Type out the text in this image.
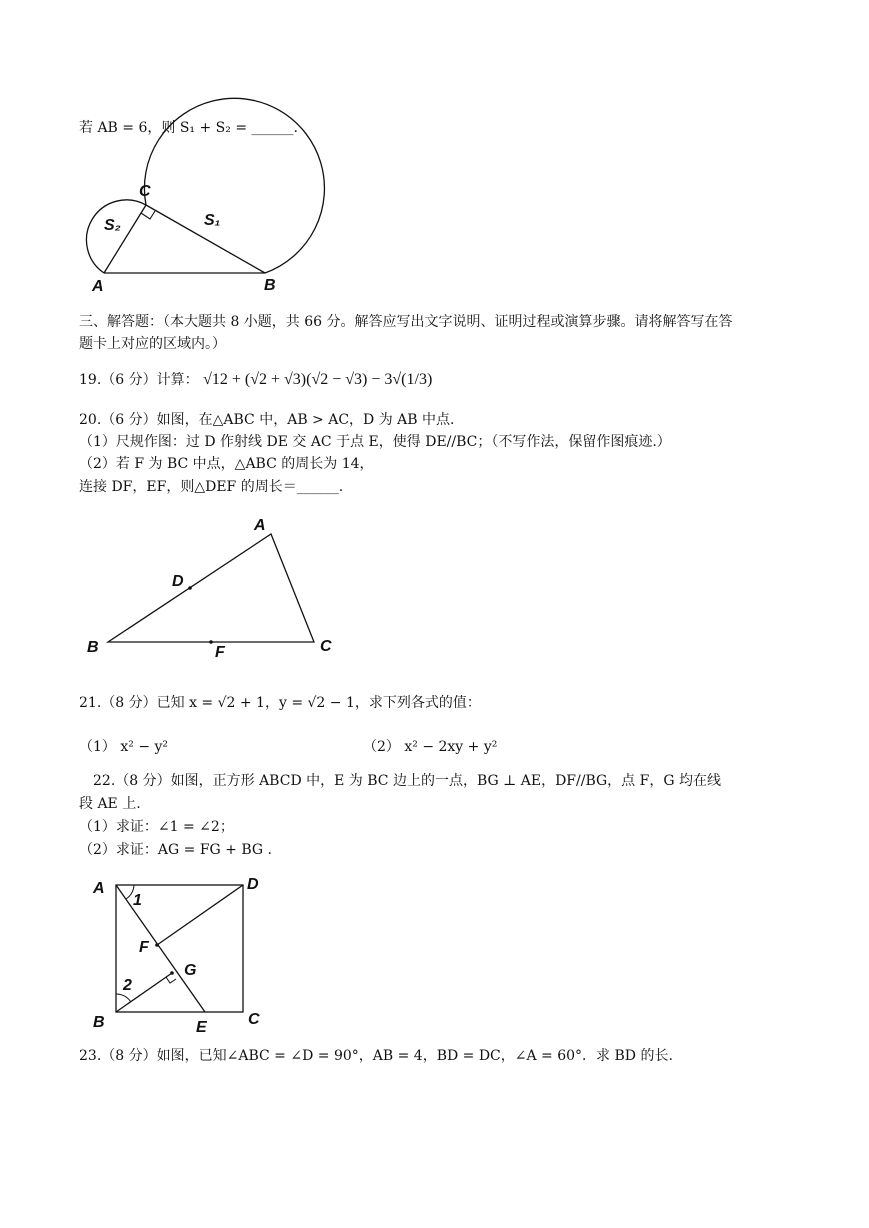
若 AB = 6，则 S₁ + S₂ = ______.
C
A	B
S₁
S₂
三、解答题：（本大题共 8 小题，共 66 分。解答应写出文字说明、证明过程或演算步骤。请将解答写在答
题卡上对应的区域内。）
19.（6 分）计算： √12 + (√2 + √3)(√2 − √3) − 3√(1/3)
20.（6 分）如图，在△ABC 中，AB > AC，D 为 AB 中点.
（1）尺规作图：过 D 作射线 DE 交 AC 于点 E，使得 DE//BC；（不写作法，保留作图痕迹.）
（2）若 F 为 BC 中点，△ABC 的周长为 14，
连接 DF，EF，则△DEF 的周长＝______.
A
B	C
D
F
21.（8 分）已知 x = √2 + 1，y = √2 − 1，求下列各式的值：
（1） x² − y²	（2） x² − 2xy + y²
22.（8 分）如图，正方形 ABCD 中，E 为 BC 边上的一点，BG ⊥ AE，DF//BG，点 F，G 均在线
段 AE 上.
（1）求证：∠1 = ∠2；
（2）求证：AG = FG + BG .
A	D
B	C
E
F
G
1
2
23.（8 分）如图，已知∠ABC = ∠D = 90°，AB = 4，BD = DC，∠A = 60°．求 BD 的长.
